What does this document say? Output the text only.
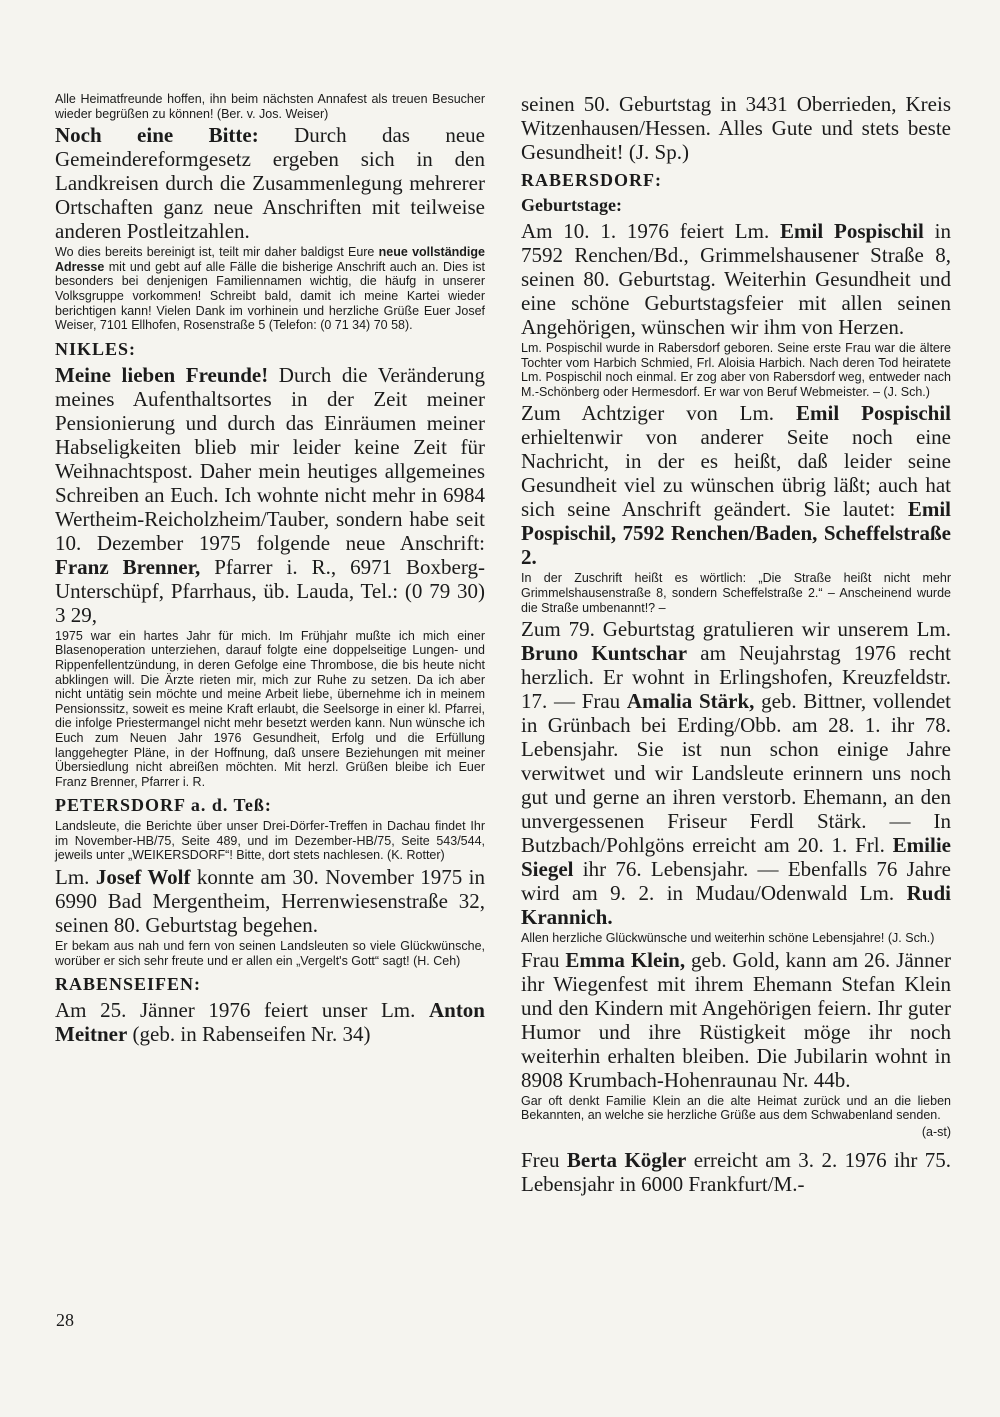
Alle Heimatfreunde hoffen, ihn beim nächsten Annafest als treuen Besucher wieder begrüßen zu können! (Ber. v. Jos. Weiser)

Noch eine Bitte: Durch das neue Gemeindereformgesetz ergeben sich in den Landkreisen durch die Zusammenlegung mehrerer Ortschaften ganz neue Anschriften mit teilweise anderen Postleitzahlen.

Wo dies bereits bereinigt ist, teilt mir daher baldigst Eure neue vollständige Adresse mit und gebt auf alle Fälle die bisherige Anschrift auch an. Dies ist besonders bei denjenigen Familiennamen wichtig, die häufg in unserer Volksgruppe vorkommen! Schreibt bald, damit ich meine Kartei wieder berichtigen kann! Vielen Dank im vorhinein und herzliche Grüße Euer Josef Weiser, 7101 Ellhofen, Rosenstraße 5 (Telefon: (0 71 34) 70 58).

NIKLES:

Meine lieben Freunde! Durch die Veränderung meines Aufenthaltsortes in der Zeit meiner Pensionierung und durch das Einräumen meiner Habseligkeiten blieb mir leider keine Zeit für Weihnachtspost. Daher mein heutiges allgemeines Schreiben an Euch. Ich wohnte nicht mehr in 6984 Wertheim-Reicholzheim/Tauber, sondern habe seit 10. Dezember 1975 folgende neue Anschrift: Franz Brenner, Pfarrer i. R., 6971 Boxberg-Unterschüpf, Pfarrhaus, üb. Lauda, Tel.: (0 79 30) 3 29,

1975 war ein hartes Jahr für mich. Im Frühjahr mußte ich mich einer Blasenoperation unterziehen, darauf folgte eine doppelseitige Lungen- und Rippenfellentzündung, in deren Gefolge eine Thrombose, die bis heute nicht abklingen will. Die Ärzte rieten mir, mich zur Ruhe zu setzen. Da ich aber nicht untätig sein möchte und meine Arbeit liebe, übernehme ich in meinem Pensionssitz, soweit es meine Kraft erlaubt, die Seelsorge in einer kl. Pfarrei, die infolge Priestermangel nicht mehr besetzt werden kann. Nun wünsche ich Euch zum Neuen Jahr 1976 Gesundheit, Erfolg und die Erfüllung langgehegter Pläne, in der Hoffnung, daß unsere Beziehungen mit meiner Übersiedlung nicht abreißen möchten. Mit herzl. Grüßen bleibe ich Euer Franz Brenner, Pfarrer i. R.

PETERSDORF a. d. Teß:

Landsleute, die Berichte über unser Drei-Dörfer-Treffen in Dachau findet Ihr im November-HB/75, Seite 489, und im Dezember-HB/75, Seite 543/544, jeweils unter „WEIKERSDORF“! Bitte, dort stets nachlesen. (K. Rotter)

Lm. Josef Wolf konnte am 30. November 1975 in 6990 Bad Mergentheim, Herrenwiesenstraße 32, seinen 80. Geburtstag begehen.

Er bekam aus nah und fern von seinen Landsleuten so viele Glückwünsche, worüber er sich sehr freute und er allen ein „Vergelt's Gott“ sagt! (H. Ceh)

RABENSEIFEN:

Am 25. Jänner 1976 feiert unser Lm. Anton Meitner (geb. in Rabenseifen Nr. 34)

seinen 50. Geburtstag in 3431 Oberrieden, Kreis Witzenhausen/Hessen. Alles Gute und stets beste Gesundheit! (J. Sp.)

RABERSDORF:
Geburtstage:

Am 10. 1. 1976 feiert Lm. Emil Pospischil in 7592 Renchen/Bd., Grimmelshausener Straße 8, seinen 80. Geburtstag. Weiterhin Gesundheit und eine schöne Geburtstagsfeier mit allen seinen Angehörigen, wünschen wir ihm von Herzen.

Lm. Pospischil wurde in Rabersdorf geboren. Seine erste Frau war die ältere Tochter vom Harbich Schmied, Frl. Aloisia Harbich. Nach deren Tod heiratete Lm. Pospischil noch einmal. Er zog aber von Rabersdorf weg, entweder nach M.-Schönberg oder Hermesdorf. Er war von Beruf Webmeister. – (J. Sch.)

Zum Achtziger von Lm. Emil Pospischil erhieltenwir von anderer Seite noch eine Nachricht, in der es heißt, daß leider seine Gesundheit viel zu wünschen übrig läßt; auch hat sich seine Anschrift geändert. Sie lautet: Emil Pospischil, 7592 Renchen/Baden, Scheffelstraße 2.

In der Zuschrift heißt es wörtlich: „Die Straße heißt nicht mehr Grimmelshausenstraße 8, sondern Scheffelstraße 2.“ – Anscheinend wurde die Straße umbenannt!? –

Zum 79. Geburtstag gratulieren wir unserem Lm. Bruno Kuntschar am Neujahrstag 1976 recht herzlich. Er wohnt in Erlingshofen, Kreuzfeldstr. 17. — Frau Amalia Stärk, geb. Bittner, vollendet in Grünbach bei Erding/Obb. am 28. 1. ihr 78. Lebensjahr. Sie ist nun schon einige Jahre verwitwet und wir Landsleute erinnern uns noch gut und gerne an ihren verstorb. Ehemann, an den unvergessenen Friseur Ferdl Stärk. — In Butzbach/Pohlgöns erreicht am 20. 1. Frl. Emilie Siegel ihr 76. Lebensjahr. — Ebenfalls 76 Jahre wird am 9. 2. in Mudau/Odenwald Lm. Rudi Krannich.

Allen herzliche Glückwünsche und weiterhin schöne Lebensjahre! (J. Sch.)

Frau Emma Klein, geb. Gold, kann am 26. Jänner ihr Wiegenfest mit ihrem Ehemann Stefan Klein und den Kindern mit Angehörigen feiern. Ihr guter Humor und ihre Rüstigkeit möge ihr noch weiterhin erhalten bleiben. Die Jubilarin wohnt in 8908 Krumbach-Hohenraunau Nr. 44b.

Gar oft denkt Familie Klein an die alte Heimat zurück und an die lieben Bekannten, an welche sie herzliche Grüße aus dem Schwabenland senden.

(a-st)

Freu Berta Kögler erreicht am 3. 2. 1976 ihr 75. Lebensjahr in 6000 Frankfurt/M.-

28
